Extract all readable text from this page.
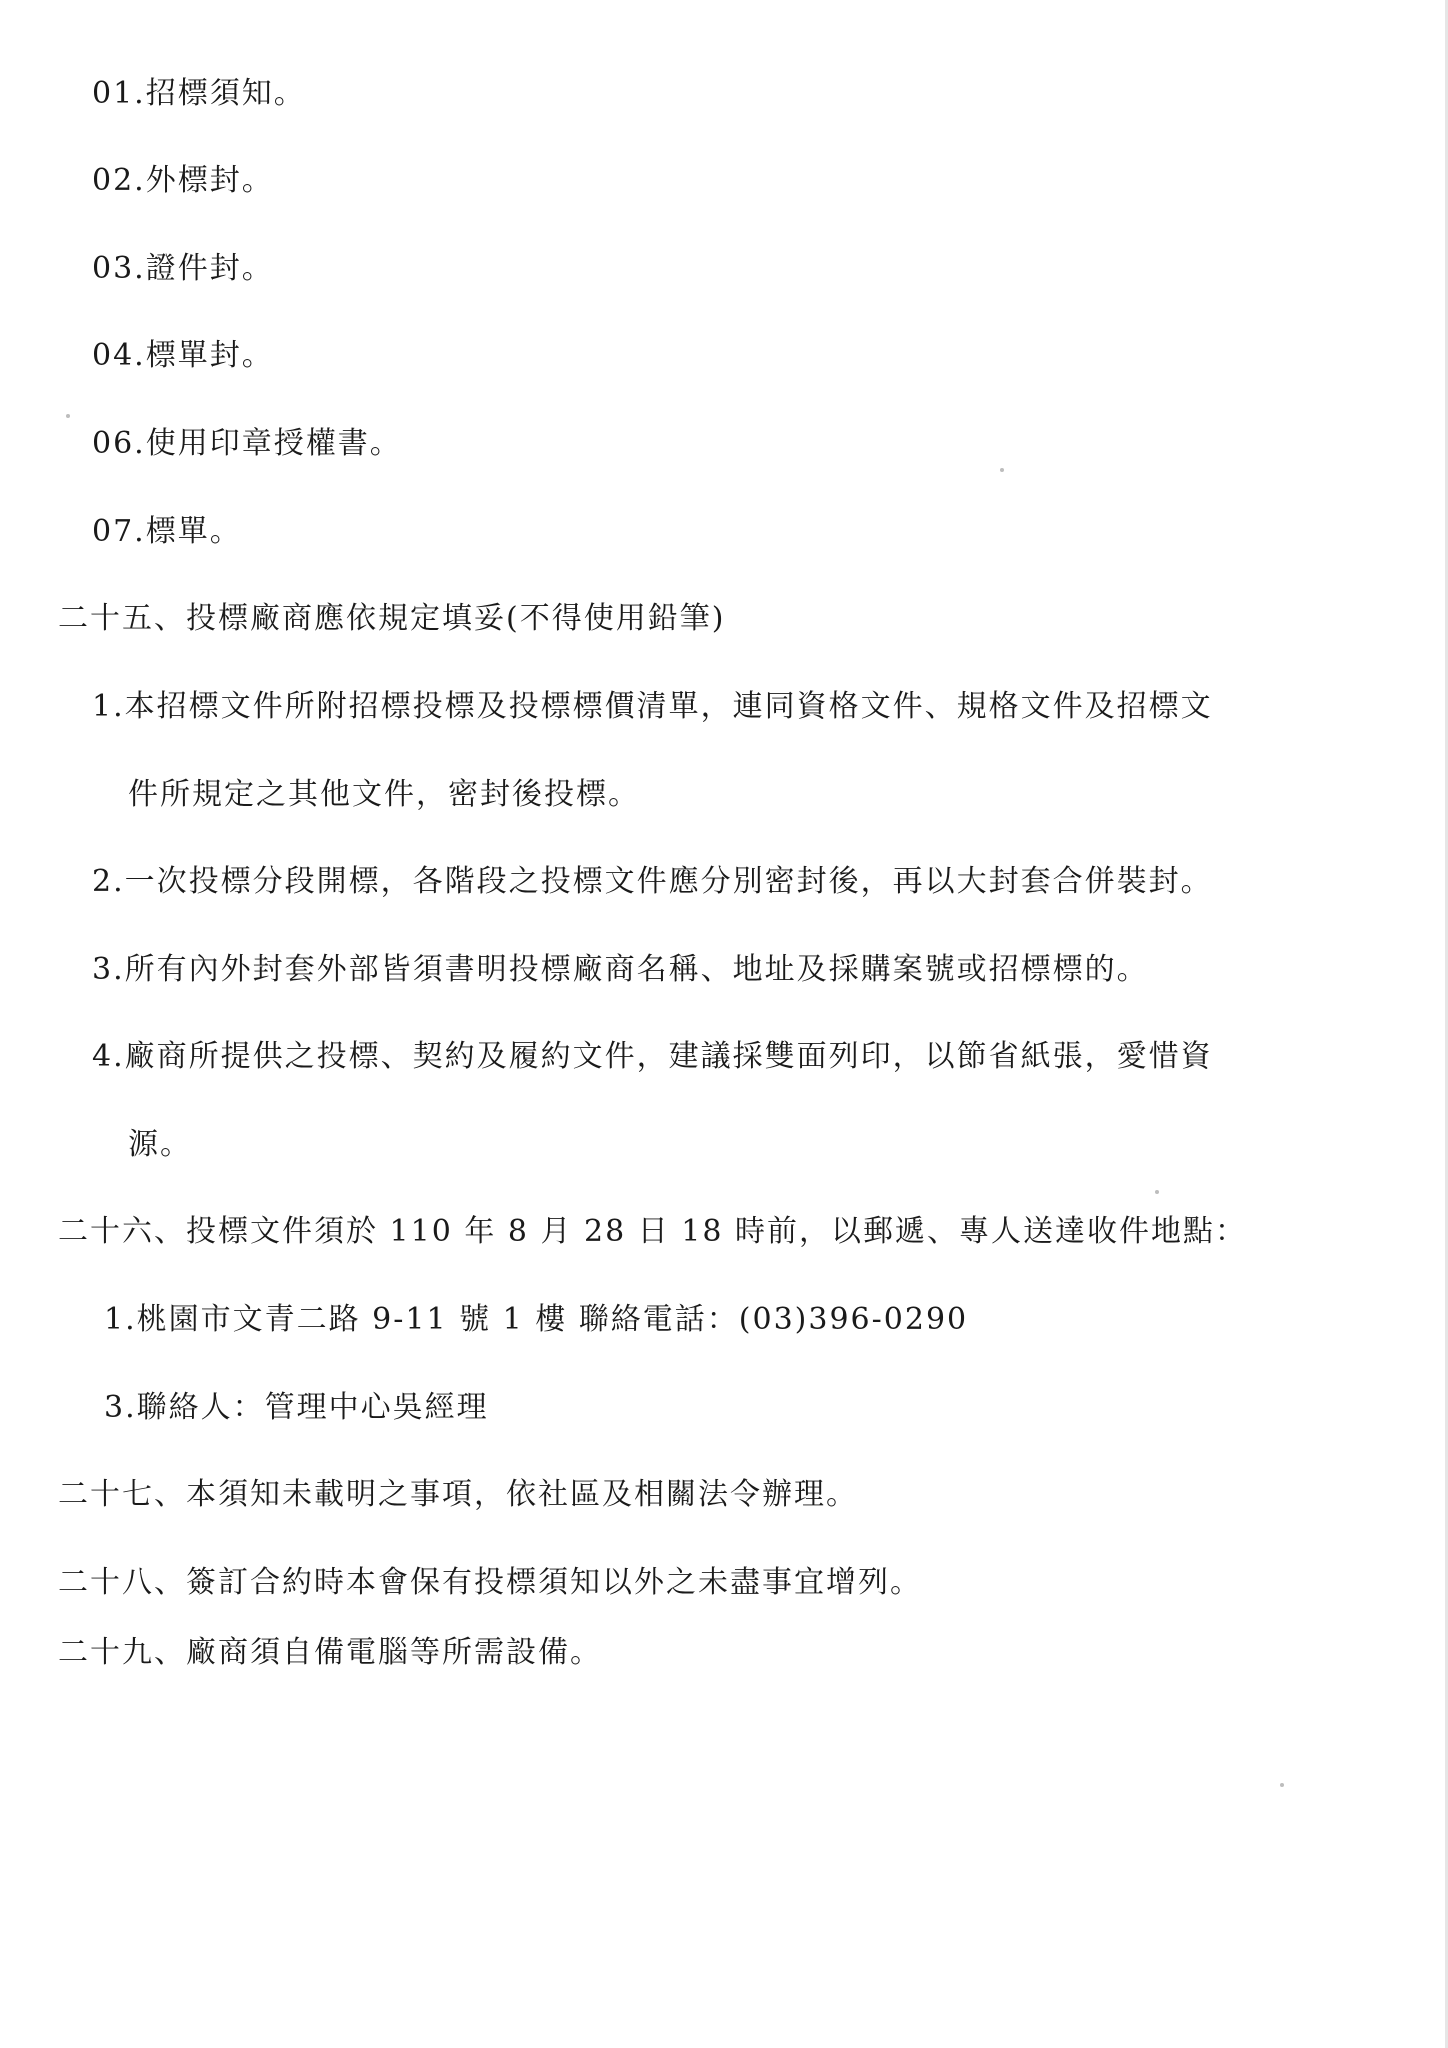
01.招標須知。
02.外標封。
03.證件封。
04.標單封。
06.使用印章授權書。
07.標單。
二十五、投標廠商應依規定填妥(不得使用鉛筆)
1.本招標文件所附招標投標及投標標價清單，連同資格文件、規格文件及招標文
件所規定之其他文件，密封後投標。
2.一次投標分段開標，各階段之投標文件應分別密封後，再以大封套合併裝封。
3.所有內外封套外部皆須書明投標廠商名稱、地址及採購案號或招標標的。
4.廠商所提供之投標、契約及履約文件，建議採雙面列印，以節省紙張，愛惜資
源。
二十六、投標文件須於 110 年 8 月 28 日 18 時前，以郵遞、專人送達收件地點：
1.桃園市文青二路 9-11 號 1 樓 聯絡電話：(03)396-0290
3.聯絡人：管理中心吳經理
二十七、本須知未載明之事項，依社區及相關法令辦理。
二十八、簽訂合約時本會保有投標須知以外之未盡事宜增列。
二十九、廠商須自備電腦等所需設備。
